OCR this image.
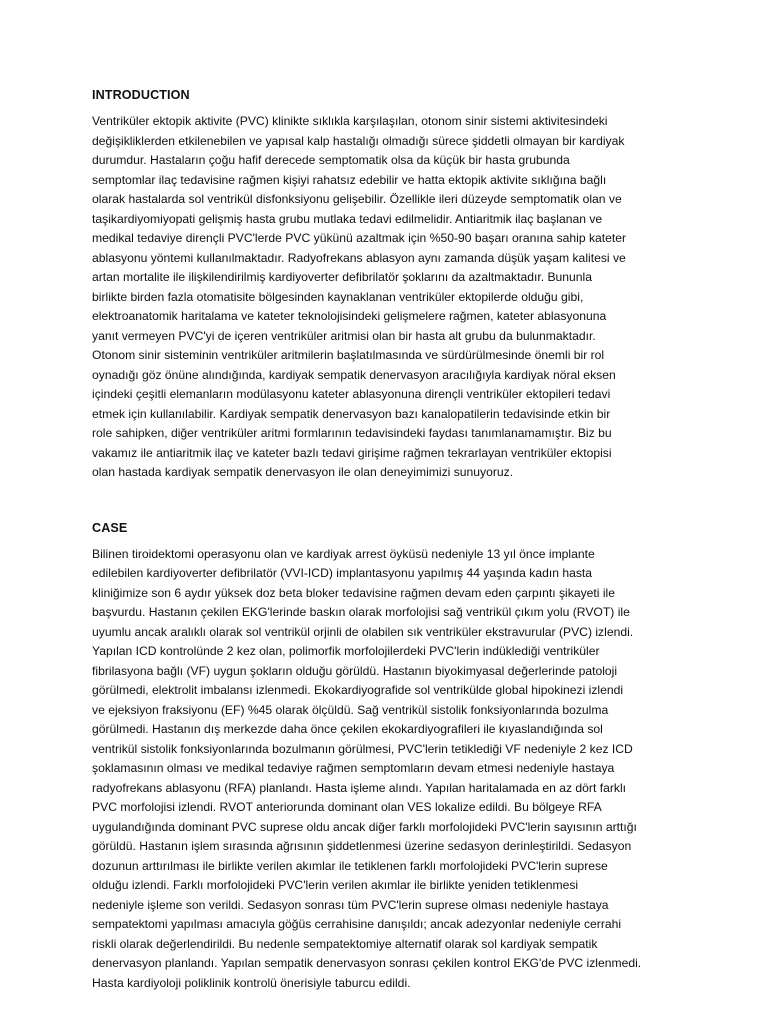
INTRODUCTION

Ventriküler ektopik aktivite (PVC) klinikte sıklıkla karşılaşılan, otonom sinir sistemi aktivitesindeki
değişikliklerden etkilenebilen ve yapısal kalp hastalığı olmadığı sürece şiddetli olmayan bir kardiyak
durumdur. Hastaların çoğu hafif derecede semptomatik olsa da küçük bir hasta grubunda
semptomlar ilaç tedavisine rağmen kişiyi rahatsız edebilir ve hatta ektopik aktivite sıklığına bağlı
olarak hastalarda sol ventrikül disfonksiyonu gelişebilir. Özellikle ileri düzeyde semptomatik olan ve
taşikardiyomiyopati gelişmiş hasta grubu mutlaka tedavi edilmelidir. Antiaritmik ilaç başlanan ve
medikal tedaviye dirençli PVC'lerde PVC yükünü azaltmak için %50-90 başarı oranına sahip kateter
ablasyonu yöntemi kullanılmaktadır. Radyofrekans ablasyon aynı zamanda düşük yaşam kalitesi ve
artan mortalite ile ilişkilendirilmiş kardiyoverter defibrilatör şoklarını da azaltmaktadır. Bununla
birlikte birden fazla otomatisite bölgesinden kaynaklanan ventriküler ektopilerde olduğu gibi,
elektroanatomik haritalama ve kateter teknolojisindeki gelişmelere rağmen, kateter ablasyonuna
yanıt vermeyen PVC'yi de içeren ventriküler aritmisi olan bir hasta alt grubu da bulunmaktadır.
Otonom sinir sisteminin ventriküler aritmilerin başlatılmasında ve sürdürülmesinde önemli bir rol
oynadığı göz önüne alındığında, kardiyak sempatik denervasyon aracılığıyla kardiyak nöral eksen
içindeki çeşitli elemanların modülasyonu kateter ablasyonuna dirençli ventriküler ektopileri tedavi
etmek için kullanılabilir. Kardiyak sempatik denervasyon bazı kanalopatilerin tedavisinde etkin bir
role sahipken, diğer ventriküler aritmi formlarının tedavisindeki faydası tanımlanamamıştır. Biz bu
vakamız ile antiaritmik ilaç ve kateter bazlı tedavi girişime rağmen tekrarlayan ventriküler ektopisi
olan hastada kardiyak sempatik denervasyon ile olan deneyimimizi sunuyoruz.

CASE

Bilinen tiroidektomi operasyonu olan ve kardiyak arrest öyküsü nedeniyle 13 yıl önce implante
edilebilen kardiyoverter defibrilatör (VVI-ICD) implantasyonu yapılmış 44 yaşında kadın hasta
kliniğimize son 6 aydır yüksek doz beta bloker tedavisine rağmen devam eden çarpıntı şikayeti ile
başvurdu. Hastanın çekilen EKG'lerinde baskın olarak morfolojisi sağ ventrikül çıkım yolu (RVOT) ile
uyumlu ancak aralıklı olarak sol ventrikül orjinli de olabilen sık ventriküler ekstravurular (PVC) izlendi.
Yapılan ICD kontrolünde 2 kez olan, polimorfik morfolojilerdeki PVC'lerin indüklediği ventriküler
fibrilasyona bağlı (VF) uygun şokların olduğu görüldü. Hastanın biyokimyasal değerlerinde patoloji
görülmedi, elektrolit imbalansı izlenmedi. Ekokardiyografide sol ventrikülde global hipokinezi izlendi
ve ejeksiyon fraksiyonu (EF) %45 olarak ölçüldü. Sağ ventrikül sistolik fonksiyonlarında bozulma
görülmedi. Hastanın dış merkezde daha önce çekilen ekokardiyografileri ile kıyaslandığında sol
ventrikül sistolik fonksiyonlarında bozulmanın görülmesi, PVC'lerin tetiklediği VF nedeniyle 2 kez ICD
şoklamasının olması ve medikal tedaviye rağmen semptomların devam etmesi nedeniyle hastaya
radyofrekans ablasyonu (RFA) planlandı. Hasta işleme alındı. Yapılan haritalamada en az dört farklı
PVC morfolojisi izlendi. RVOT anteriorunda dominant olan VES lokalize edildi. Bu bölgeye RFA
uygulandığında dominant PVC suprese oldu ancak diğer farklı morfolojideki PVC'lerin sayısının arttığı
görüldü. Hastanın işlem sırasında ağrısının şiddetlenmesi üzerine sedasyon derinleştirildi. Sedasyon
dozunun arttırılması ile birlikte verilen akımlar ile tetiklenen farklı morfolojideki PVC'lerin suprese
olduğu izlendi. Farklı morfolojideki PVC'lerin verilen akımlar ile birlikte yeniden tetiklenmesi
nedeniyle işleme son verildi. Sedasyon sonrası tüm PVC'lerin suprese olması nedeniyle hastaya
sempatektomi yapılması amacıyla göğüs cerrahisine danışıldı; ancak adezyonlar nedeniyle cerrahi
riskli olarak değerlendirildi. Bu nedenle sempatektomiye alternatif olarak sol kardiyak sempatik
denervasyon planlandı. Yapılan sempatik denervasyon sonrası çekilen kontrol EKG'de PVC izlenmedi.
Hasta kardiyoloji poliklinik kontrolü önerisiyle taburcu edildi.
